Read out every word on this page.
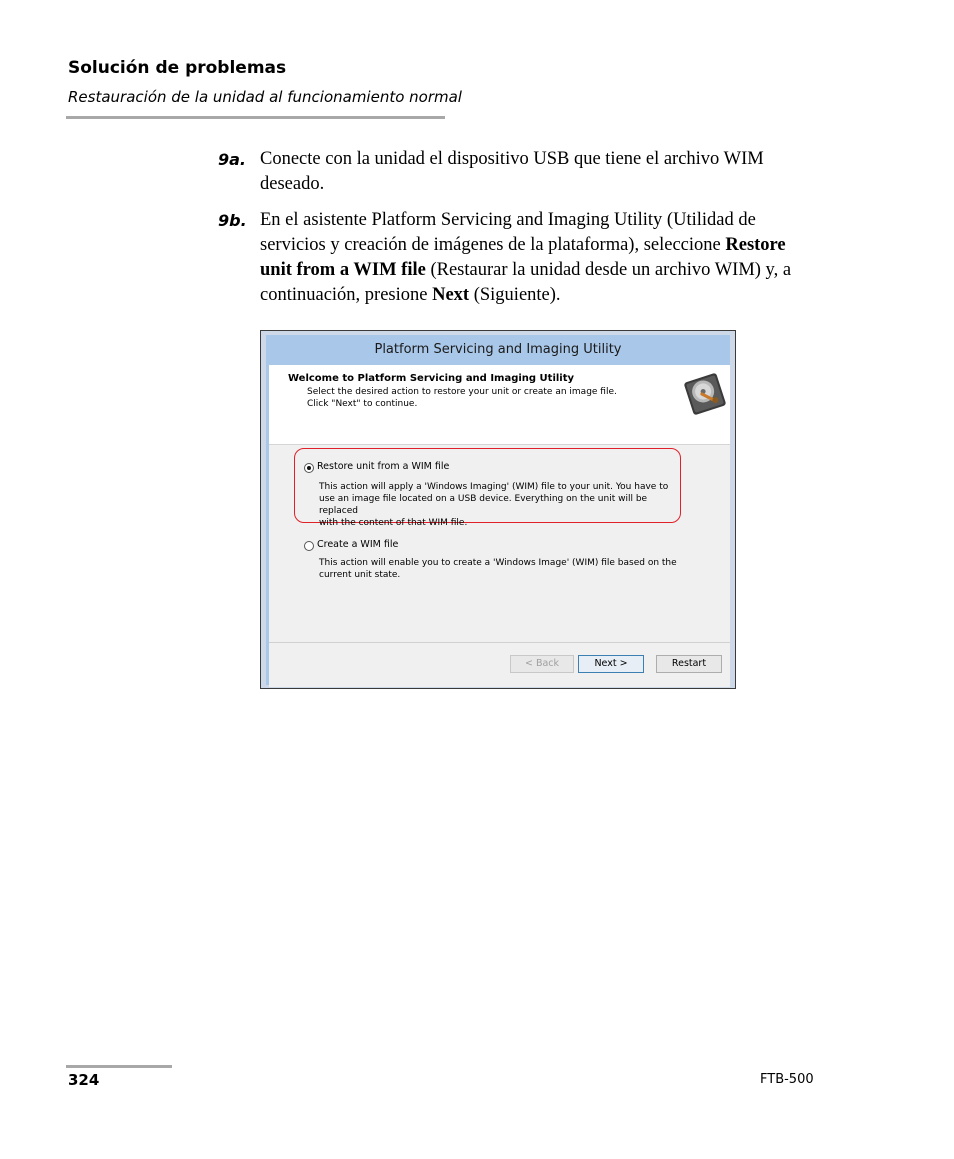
Solución de problemas
Restauración de la unidad al funcionamiento normal
9a. Conecte con la unidad el dispositivo USB que tiene el archivo WIM deseado.
9b. En el asistente Platform Servicing and Imaging Utility (Utilidad de servicios y creación de imágenes de la plataforma), seleccione Restore unit from a WIM file (Restaurar la unidad desde un archivo WIM) y, a continuación, presione Next (Siguiente).
Platform Servicing and Imaging Utility
Welcome to Platform Servicing and Imaging Utility
Select the desired action to restore your unit or create an image file.
Click "Next" to continue.
Restore unit from a WIM file
This action will apply a 'Windows Imaging' (WIM) file to your unit. You have to
use an image file located on a USB device. Everything on the unit will be replaced
with the content of that WIM file.
Create a WIM file
This action will enable you to create a 'Windows Image' (WIM) file based on the
current unit state.
< Back	Next >	Restart
324	FTB-500
